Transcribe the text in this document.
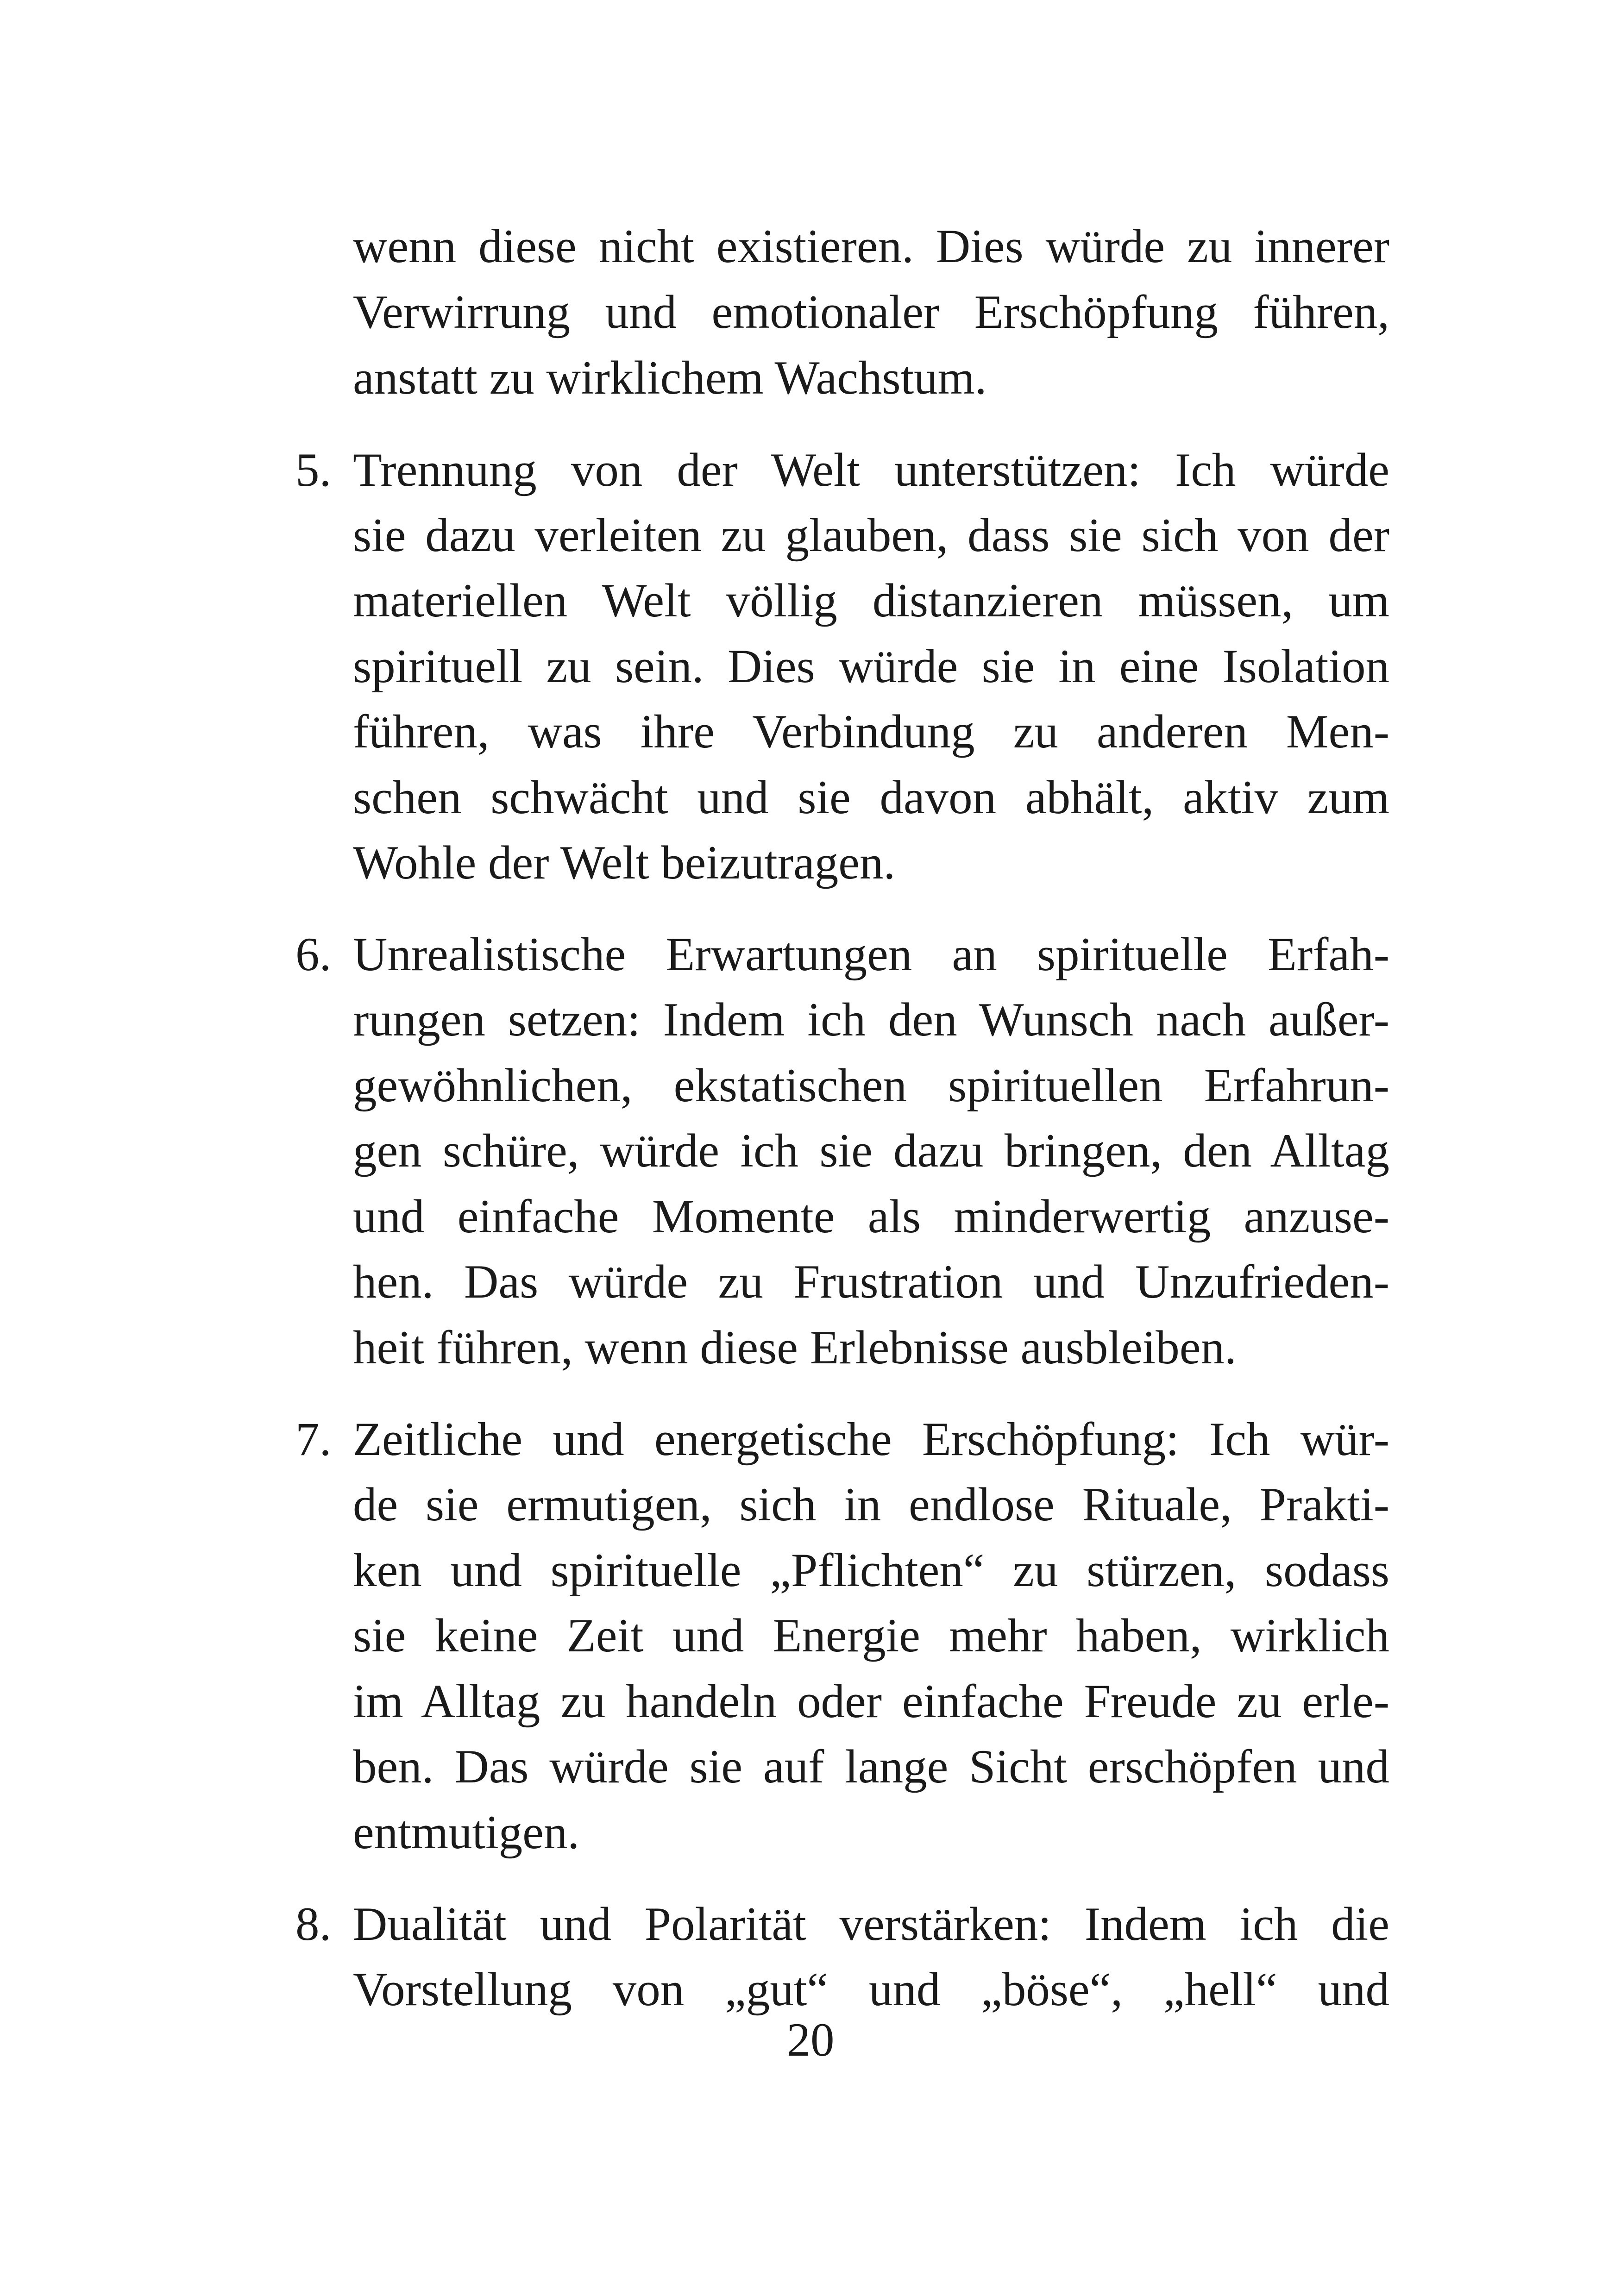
wenn diese nicht existieren. Dies würde zu innerer
Verwirrung und emotionaler Erschöpfung führen,
anstatt zu wirklichem Wachstum.
5. Trennung von der Welt unterstützen: Ich würde
sie dazu verleiten zu glauben, dass sie sich von der
materiellen Welt völlig distanzieren müssen, um
spirituell zu sein. Dies würde sie in eine Isolation
führen, was ihre Verbindung zu anderen Men-
schen schwächt und sie davon abhält, aktiv zum
Wohle der Welt beizutragen.
6. Unrealistische Erwartungen an spirituelle Erfah-
rungen setzen: Indem ich den Wunsch nach außer-
gewöhnlichen, ekstatischen spirituellen Erfahrun-
gen schüre, würde ich sie dazu bringen, den Alltag
und einfache Momente als minderwertig anzuse-
hen. Das würde zu Frustration und Unzufrieden-
heit führen, wenn diese Erlebnisse ausbleiben.
7. Zeitliche und energetische Erschöpfung: Ich wür-
de sie ermutigen, sich in endlose Rituale, Prakti-
ken und spirituelle „Pflichten“ zu stürzen, sodass
sie keine Zeit und Energie mehr haben, wirklich
im Alltag zu handeln oder einfache Freude zu erle-
ben. Das würde sie auf lange Sicht erschöpfen und
entmutigen.
8. Dualität und Polarität verstärken: Indem ich die
Vorstellung von „gut“ und „böse“, „hell“ und
20
